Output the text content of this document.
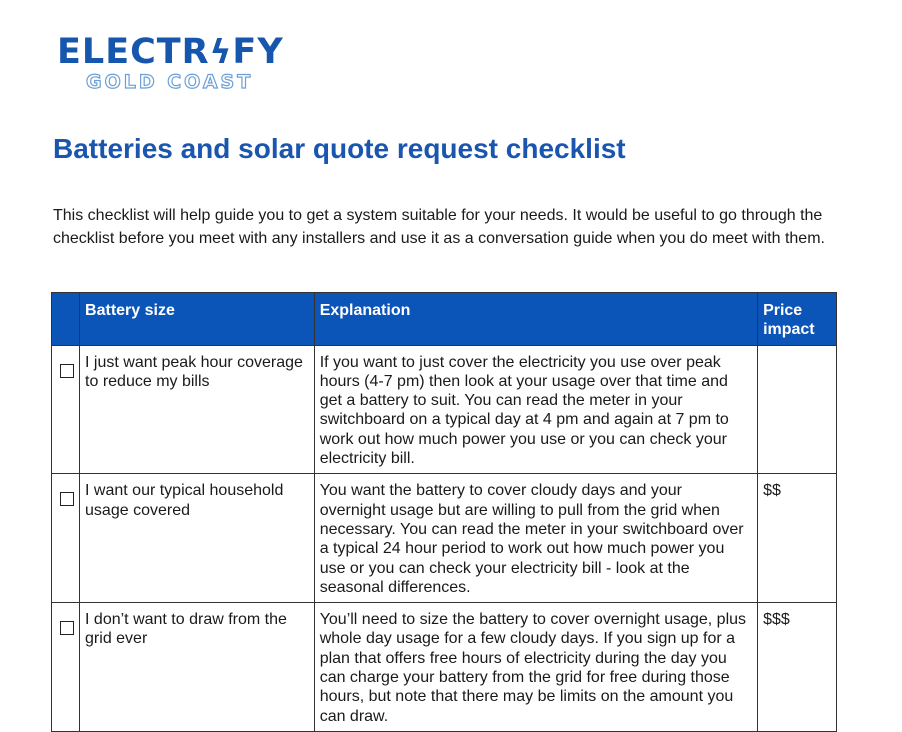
ELECTRϟFY
GOLD COAST
Batteries and solar quote request checklist

This checklist will help guide you to get a system suitable for your needs. It would be useful to go through the checklist before you meet with any installers and use it as a conversation guide when you do meet with them.

	Battery size	Explanation	Price impact

	I just want peak hour coverage to reduce my bills	If you want to just cover the electricity you use over peak hours (4-7 pm) then look at your usage over that time and get a battery to suit. You can read the meter in your switchboard on a typical day at 4 pm and again at 7 pm to work out how much power you use or you can check your electricity bill.	

	I want our typical household usage covered	You want the battery to cover cloudy days and your overnight usage but are willing to pull from the grid when necessary. You can read the meter in your switchboard over a typical 24 hour period to work out how much power you use or you can check your electricity bill - look at the seasonal differences.	$$

	I don’t want to draw from the grid ever	You’ll need to size the battery to cover overnight usage, plus whole day usage for a few cloudy days. If you sign up for a plan that offers free hours of electricity during the day you can charge your battery from the grid for free during those hours, but note that there may be limits on the amount you can draw.	$$$
